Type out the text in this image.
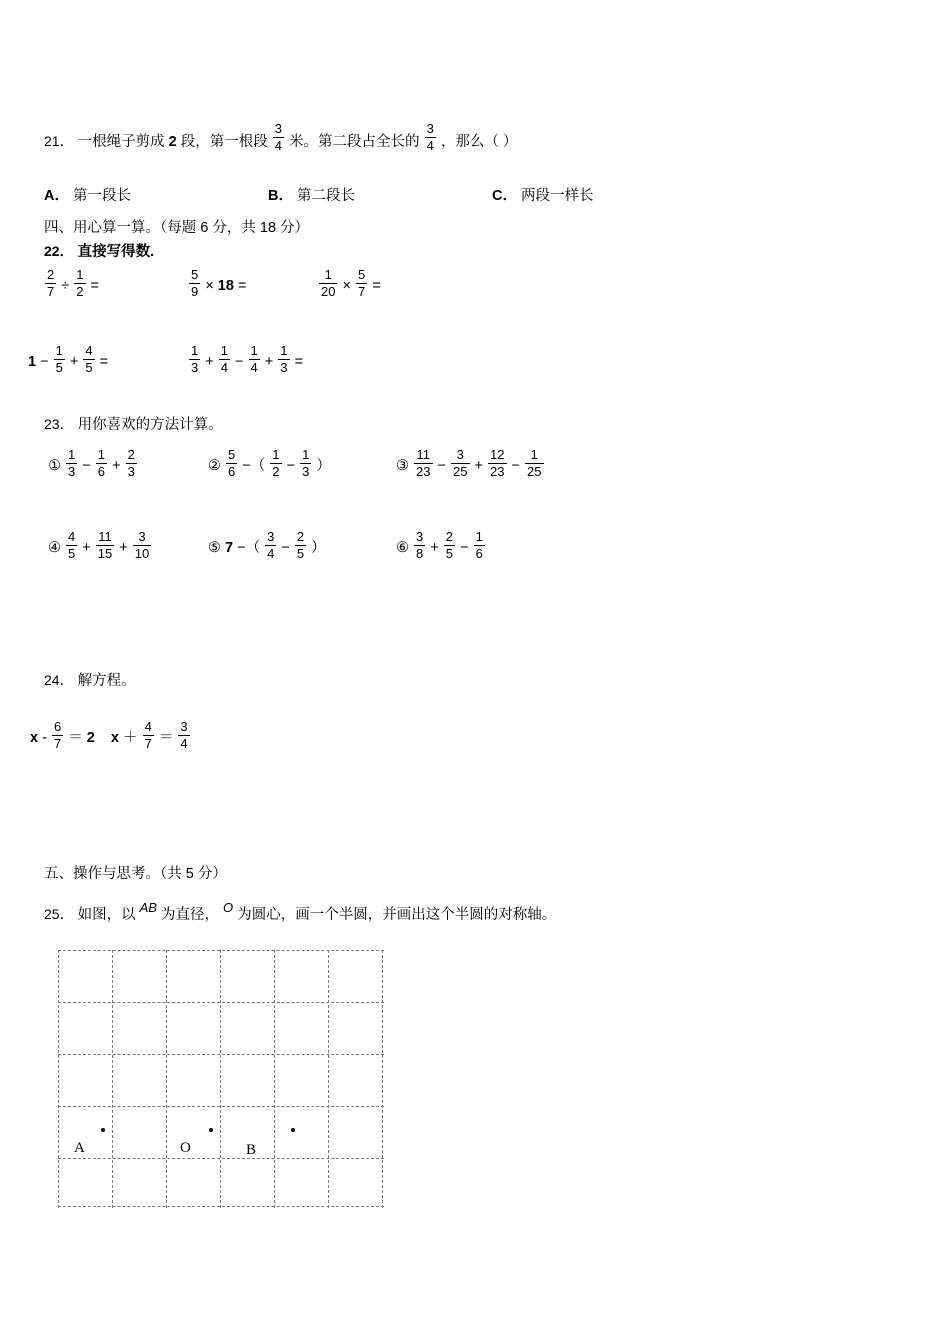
21． 一根绳子剪成 2 段，第一根段 $\frac{3}{4}$ 米。第二段占全长的 $\frac{3}{4}$ ，那么（ ）
A． 第一段长	B． 第二段长	C． 两段一样长
四、用心算一算。（每题 6 分，共 18 分）
22． 直接写得数.
$\frac{2}{7} \div \frac{1}{2}$ =	$\frac{5}{9} \times 18$ =	$\frac{1}{20} \times \frac{5}{7}$ =
$1 - \frac{1}{5} + \frac{4}{5}$ =	$\frac{1}{3} + \frac{1}{4} - \frac{1}{4} + \frac{1}{3}$ =
23． 用你喜欢的方法计算。
① $\frac{1}{3} - \frac{1}{6} + \frac{2}{3}$	② $\frac{5}{6}$ −（ $\frac{1}{2} - \frac{1}{3}$ ）	③ $\frac{11}{23} - \frac{3}{25} + \frac{12}{23} - \frac{1}{25}$
④ $\frac{4}{5} + \frac{11}{15} + \frac{3}{10}$	⑤ 7 −（ $\frac{3}{4} - \frac{2}{5}$ ）	⑥ $\frac{3}{8} + \frac{2}{5} - \frac{1}{6}$
24． 解方程。
$x - \frac{6}{7} = 2$ $x + \frac{4}{7} = \frac{3}{4}$
五、操作与思考。（共 5 分）
25． 如图，以 AB 为直径， O 为圆心，画一个半圆，并画出这个半圆的对称轴。
A	O	B
